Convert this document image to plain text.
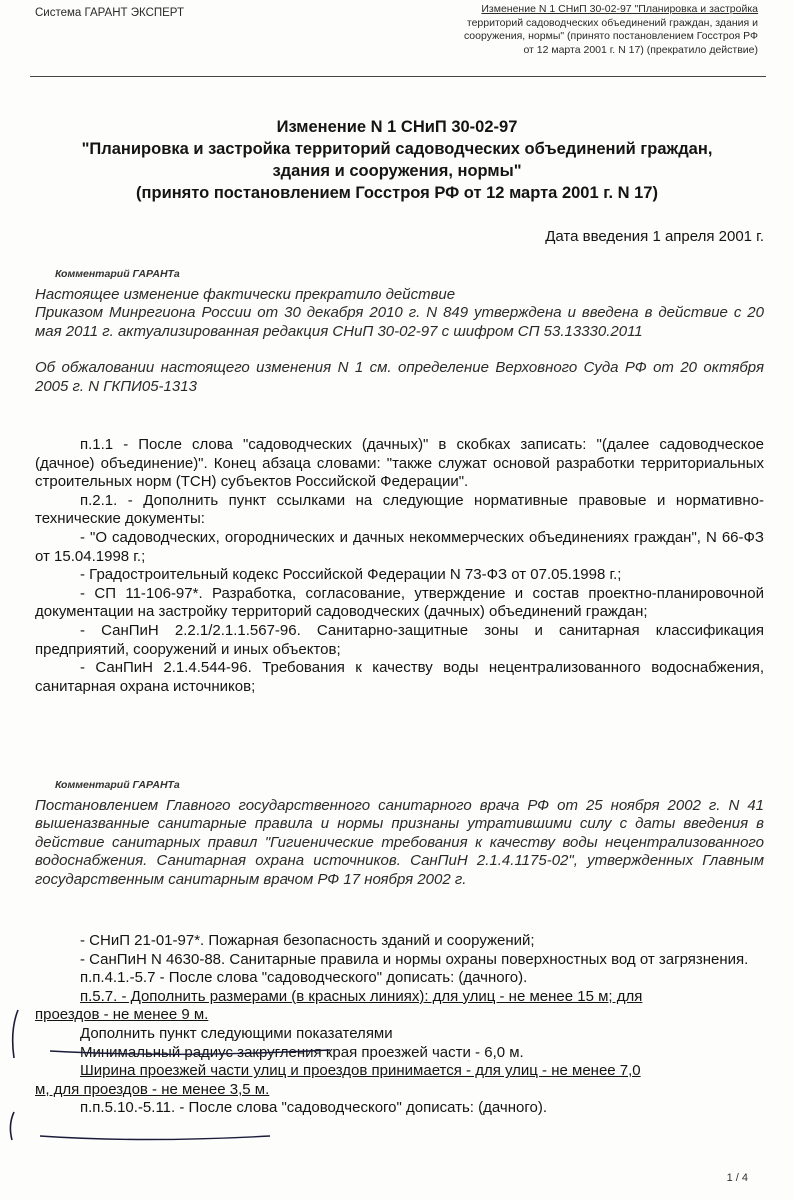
Система ГАРАНТ ЭКСПЕРТ	Изменение N 1 СНиП 30-02-97 "Планировка и застройка
территорий садоводческих объединений граждан, здания и
сооружения, нормы" (принято постановлением Госстроя РФ
от 12 марта 2001 г. N 17) (прекратило действие)
Изменение N 1 СНиП 30-02-97
"Планировка и застройка территорий садоводческих объединений граждан,
здания и сооружения, нормы"
(принято постановлением Госстроя РФ от 12 марта 2001 г. N 17)
Дата введения 1 апреля 2001 г.
Комментарий ГАРАНТа

Настоящее изменение фактически прекратило действие

Приказом Минрегиона России от 30 декабря 2010 г. N 849 утверждена и введена в действие с 20 мая 2011 г. актуализированная редакция СНиП 30-02-97 с шифром СП 53.13330.2011

Об обжаловании настоящего изменения N 1 см. определение Верховного Суда РФ от 20 октября 2005 г. N ГКПИ05-1313

п.1.1 - После слова "садоводческих (дачных)" в скобках записать: "(далее садоводческое (дачное) объединение)". Конец абзаца словами: "также служат основой разработки территориальных строительных норм (ТСН) субъектов Российской Федерации".

п.2.1. - Дополнить пункт ссылками на следующие нормативные правовые и нормативно-технические документы:

- "О садоводческих, огороднических и дачных некоммерческих объединениях граждан", N 66-ФЗ от 15.04.1998 г.;

- Градостроительный кодекс Российской Федерации N 73-ФЗ от 07.05.1998 г.;

- СП 11-106-97*. Разработка, согласование, утверждение и состав проектно-планировочной документации на застройку территорий садоводческих (дачных) объединений граждан;

- СанПиН 2.2.1/2.1.1.567-96. Санитарно-защитные зоны и санитарная классификация предприятий, сооружений и иных объектов;

- СанПиН 2.1.4.544-96. Требования к качеству воды нецентрализованного водоснабжения, санитарная охрана источников;

Комментарий ГАРАНТа

Постановлением Главного государственного санитарного врача РФ от 25 ноября 2002 г. N 41 вышеназванные санитарные правила и нормы признаны утратившими силу с даты введения в действие санитарных правил "Гигиенические требования к качеству воды нецентрализованного водоснабжения. Санитарная охрана источников. СанПиН 2.1.4.1175-02", утвержденных Главным государственным санитарным врачом РФ 17 ноября 2002 г.

- СНиП 21-01-97*. Пожарная безопасность зданий и сооружений;

- СанПиН N 4630-88. Санитарные правила и нормы охраны поверхностных вод от загрязнения.

п.п.4.1.-5.7 - После слова "садоводческого" дописать: (дачного).

п.5.7. - Дополнить размерами (в красных линиях): для улиц - не менее 15 м; для

проездов - не менее 9 м.

Дополнить пункт следующими показателями

Минимальный радиус закругления края проезжей части - 6,0 м.

Ширина проезжей части улиц и проездов принимается - для улиц - не менее 7,0

м, для проездов - не менее 3,5 м.

п.п.5.10.-5.11. - После слова "садоводческого" дописать: (дачного).

1 / 4
